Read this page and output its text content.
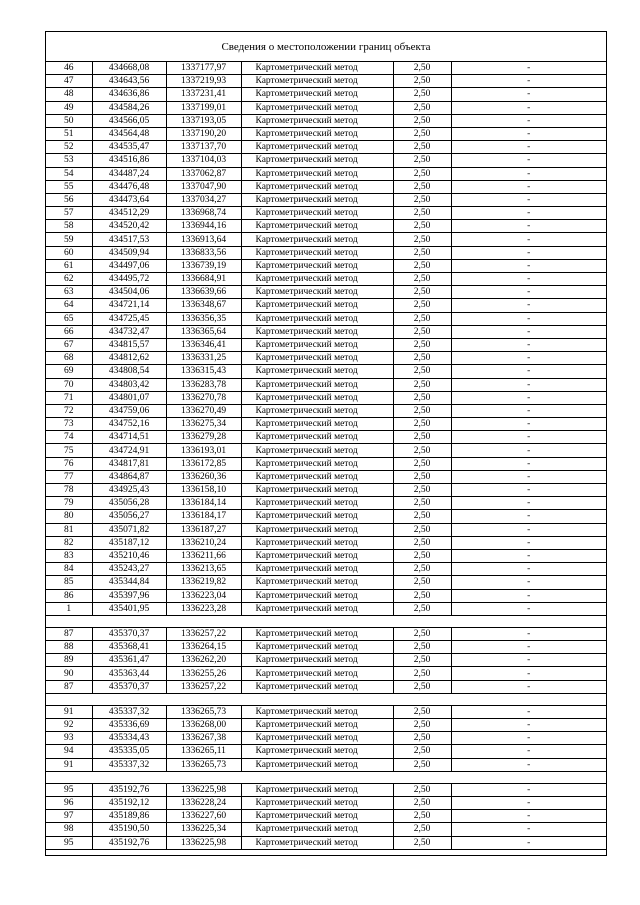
Сведения о местоположении границ объекта
46	434668,08	1337177,97	Картометрический метод	2,50	-
47	434643,56	1337219,93	Картометрический метод	2,50	-
48	434636,86	1337231,41	Картометрический метод	2,50	-
49	434584,26	1337199,01	Картометрический метод	2,50	-
50	434566,05	1337193,05	Картометрический метод	2,50	-
51	434564,48	1337190,20	Картометрический метод	2,50	-
52	434535,47	1337137,70	Картометрический метод	2,50	-
53	434516,86	1337104,03	Картометрический метод	2,50	-
54	434487,24	1337062,87	Картометрический метод	2,50	-
55	434476,48	1337047,90	Картометрический метод	2,50	-
56	434473,64	1337034,27	Картометрический метод	2,50	-
57	434512,29	1336968,74	Картометрический метод	2,50	-
58	434520,42	1336944,16	Картометрический метод	2,50	-
59	434517,53	1336913,64	Картометрический метод	2,50	-
60	434509,94	1336833,56	Картометрический метод	2,50	-
61	434497,06	1336739,19	Картометрический метод	2,50	-
62	434495,72	1336684,91	Картометрический метод	2,50	-
63	434504,06	1336639,66	Картометрический метод	2,50	-
64	434721,14	1336348,67	Картометрический метод	2,50	-
65	434725,45	1336356,35	Картометрический метод	2,50	-
66	434732,47	1336365,64	Картометрический метод	2,50	-
67	434815,57	1336346,41	Картометрический метод	2,50	-
68	434812,62	1336331,25	Картометрический метод	2,50	-
69	434808,54	1336315,43	Картометрический метод	2,50	-
70	434803,42	1336283,78	Картометрический метод	2,50	-
71	434801,07	1336270,78	Картометрический метод	2,50	-
72	434759,06	1336270,49	Картометрический метод	2,50	-
73	434752,16	1336275,34	Картометрический метод	2,50	-
74	434714,51	1336279,28	Картометрический метод	2,50	-
75	434724,91	1336193,01	Картометрический метод	2,50	-
76	434817,81	1336172,85	Картометрический метод	2,50	-
77	434864,87	1336260,36	Картометрический метод	2,50	-
78	434925,43	1336158,10	Картометрический метод	2,50	-
79	435056,28	1336184,14	Картометрический метод	2,50	-
80	435056,27	1336184,17	Картометрический метод	2,50	-
81	435071,82	1336187,27	Картометрический метод	2,50	-
82	435187,12	1336210,24	Картометрический метод	2,50	-
83	435210,46	1336211,66	Картометрический метод	2,50	-
84	435243,27	1336213,65	Картометрический метод	2,50	-
85	435344,84	1336219,82	Картометрический метод	2,50	-
86	435397,96	1336223,04	Картометрический метод	2,50	-
1	435401,95	1336223,28	Картометрический метод	2,50	-

87	435370,37	1336257,22	Картометрический метод	2,50	-
88	435368,41	1336264,15	Картометрический метод	2,50	-
89	435361,47	1336262,20	Картометрический метод	2,50	-
90	435363,44	1336255,26	Картометрический метод	2,50	-
87	435370,37	1336257,22	Картометрический метод	2,50	-

91	435337,32	1336265,73	Картометрический метод	2,50	-
92	435336,69	1336268,00	Картометрический метод	2,50	-
93	435334,43	1336267,38	Картометрический метод	2,50	-
94	435335,05	1336265,11	Картометрический метод	2,50	-
91	435337,32	1336265,73	Картометрический метод	2,50	-

95	435192,76	1336225,98	Картометрический метод	2,50	-
96	435192,12	1336228,24	Картометрический метод	2,50	-
97	435189,86	1336227,60	Картометрический метод	2,50	-
98	435190,50	1336225,34	Картометрический метод	2,50	-
95	435192,76	1336225,98	Картометрический метод	2,50	-
